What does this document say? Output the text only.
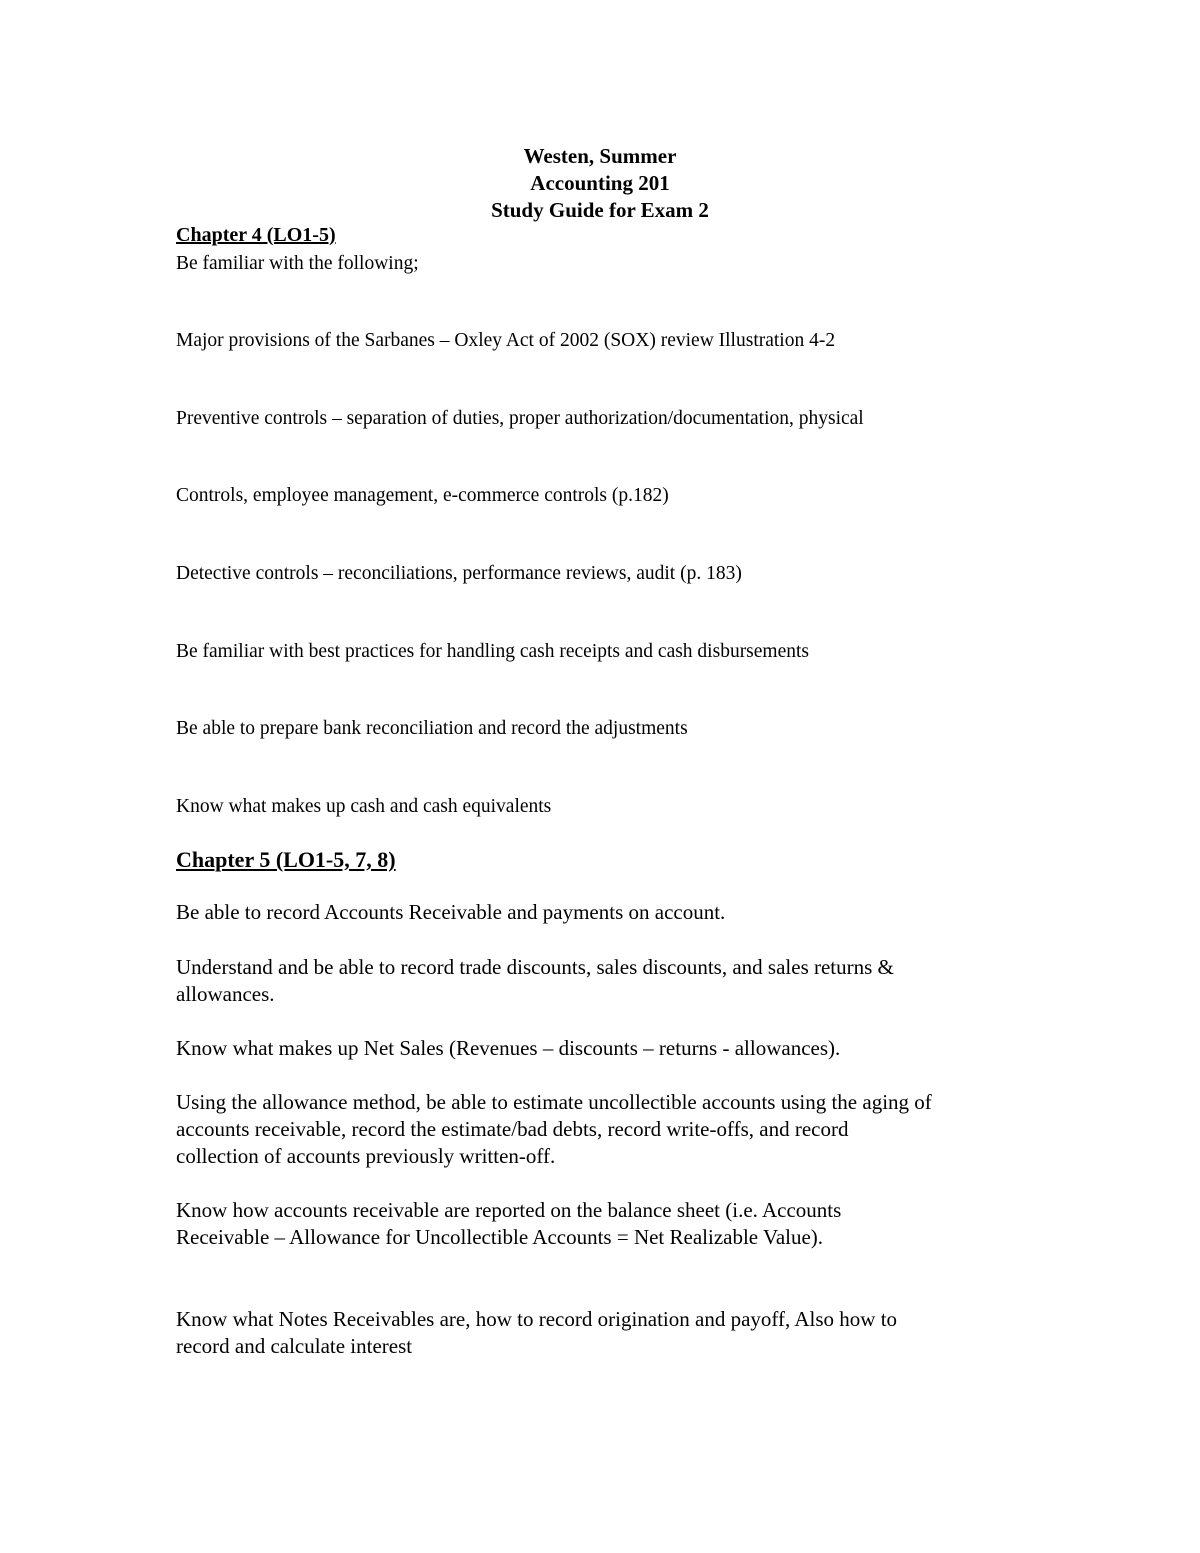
Westen, Summer
Accounting 201
Study Guide for Exam 2
Chapter 4 (LO1-5)
Be familiar with the following;
Major provisions of the Sarbanes – Oxley Act of 2002 (SOX) review Illustration 4-2
Preventive controls – separation of duties, proper authorization/documentation, physical
Controls, employee management, e-commerce controls (p.182)
Detective controls – reconciliations, performance reviews, audit (p. 183)
Be familiar with best practices for handling cash receipts and cash disbursements
Be able to prepare bank reconciliation and record the adjustments
Know what makes up cash and cash equivalents
Chapter 5 (LO1-5, 7, 8)
Be able to record Accounts Receivable and payments on account.
Understand and be able to record trade discounts, sales discounts, and sales returns &
allowances.
Know what makes up Net Sales (Revenues – discounts – returns - allowances).
Using the allowance method, be able to estimate uncollectible accounts using the aging of
accounts receivable, record the estimate/bad debts, record write-offs, and record
collection of accounts previously written-off.
Know how accounts receivable are reported on the balance sheet (i.e. Accounts
Receivable – Allowance for Uncollectible Accounts = Net Realizable Value).
Know what Notes Receivables are, how to record origination and payoff, Also how to
record and calculate interest
